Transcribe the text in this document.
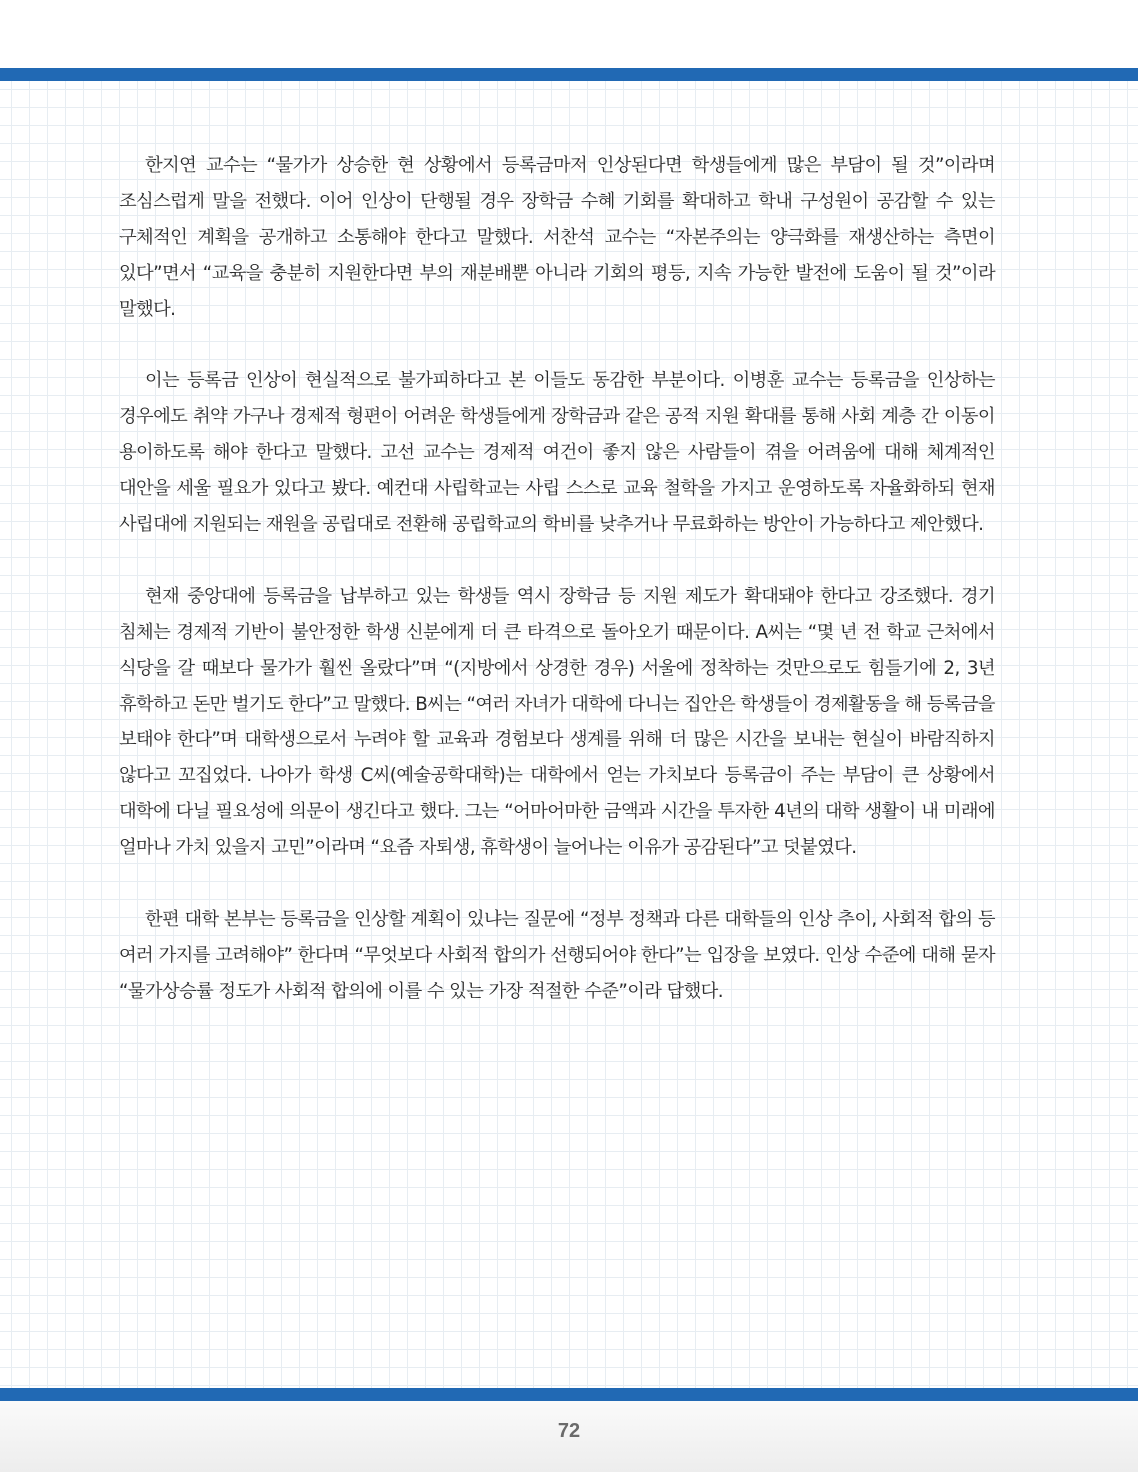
한지연 교수는 “물가가 상승한 현 상황에서 등록금마저 인상된다면 학생들에게 많은 부담이 될 것”이라며 조심스럽게 말을 전했다. 이어 인상이 단행될 경우 장학금 수혜 기회를 확대하고 학내 구성원이 공감할 수 있는 구체적인 계획을 공개하고 소통해야 한다고 말했다. 서찬석 교수는 “자본주의는 양극화를 재생산하는 측면이 있다”면서 “교육을 충분히 지원한다면 부의 재분배뿐 아니라 기회의 평등, 지속 가능한 발전에 도움이 될 것”이라 말했다.

이는 등록금 인상이 현실적으로 불가피하다고 본 이들도 동감한 부분이다. 이병훈 교수는 등록금을 인상하는 경우에도 취약 가구나 경제적 형편이 어려운 학생들에게 장학금과 같은 공적 지원 확대를 통해 사회 계층 간 이동이 용이하도록 해야 한다고 말했다. 고선 교수는 경제적 여건이 좋지 않은 사람들이 겪을 어려움에 대해 체계적인 대안을 세울 필요가 있다고 봤다. 예컨대 사립학교는 사립 스스로 교육 철학을 가지고 운영하도록 자율화하되 현재 사립대에 지원되는 재원을 공립대로 전환해 공립학교의 학비를 낮추거나 무료화하는 방안이 가능하다고 제안했다.

현재 중앙대에 등록금을 납부하고 있는 학생들 역시 장학금 등 지원 제도가 확대돼야 한다고 강조했다. 경기 침체는 경제적 기반이 불안정한 학생 신분에게 더 큰 타격으로 돌아오기 때문이다. A씨는 “몇 년 전 학교 근처에서 식당을 갈 때보다 물가가 훨씬 올랐다”며 “(지방에서 상경한 경우) 서울에 정착하는 것만으로도 힘들기에 2, 3년 휴학하고 돈만 벌기도 한다”고 말했다. B씨는 “여러 자녀가 대학에 다니는 집안은 학생들이 경제활동을 해 등록금을 보태야 한다”며 대학생으로서 누려야 할 교육과 경험보다 생계를 위해 더 많은 시간을 보내는 현실이 바람직하지 않다고 꼬집었다. 나아가 학생 C씨(예술공학대학)는 대학에서 얻는 가치보다 등록금이 주는 부담이 큰 상황에서 대학에 다닐 필요성에 의문이 생긴다고 했다. 그는 “어마어마한 금액과 시간을 투자한 4년의 대학 생활이 내 미래에 얼마나 가치 있을지 고민”이라며 “요즘 자퇴생, 휴학생이 늘어나는 이유가 공감된다”고 덧붙였다.

한편 대학 본부는 등록금을 인상할 계획이 있냐는 질문에 “정부 정책과 다른 대학들의 인상 추이, 사회적 합의 등 여러 가지를 고려해야” 한다며 “무엇보다 사회적 합의가 선행되어야 한다”는 입장을 보였다. 인상 수준에 대해 묻자 “물가상승률 정도가 사회적 합의에 이를 수 있는 가장 적절한 수준”이라 답했다.

72
